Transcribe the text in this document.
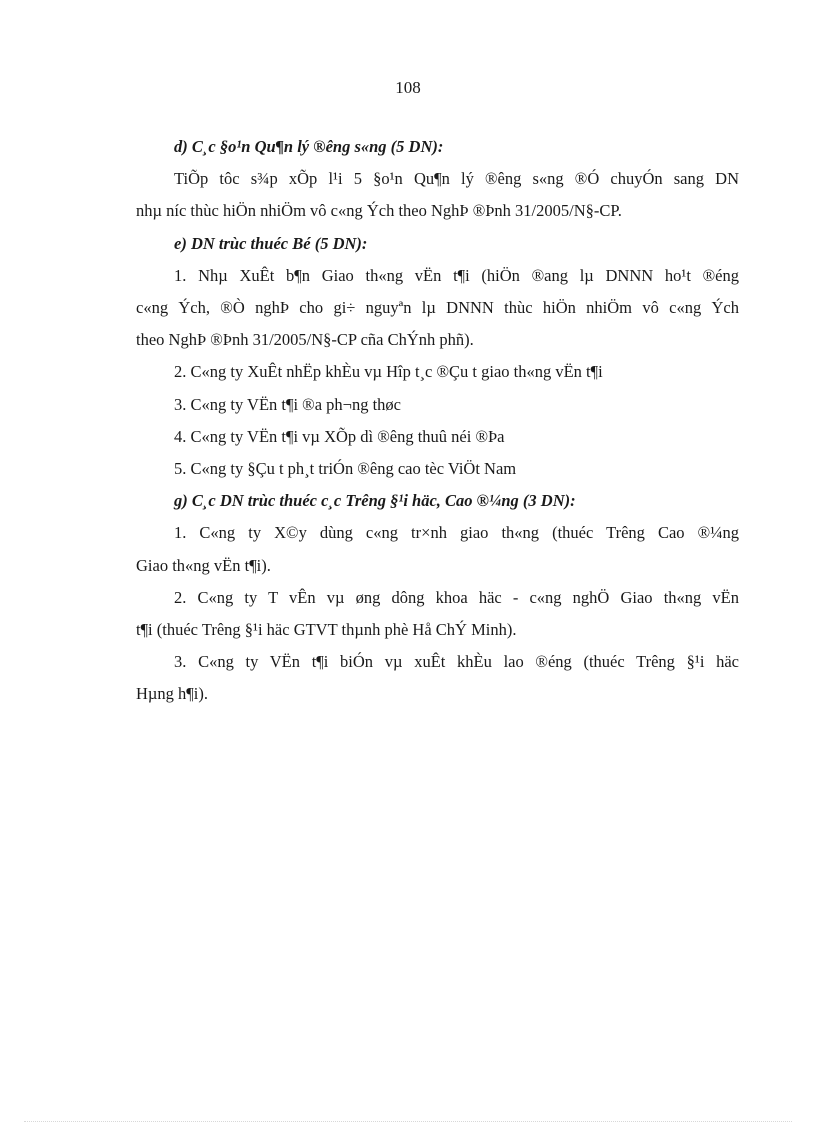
108
d) C¸c §o¹n Qu¶n lý ®êng s«ng (5 DN):
TiÕp tôc s¾p xÕp l¹i 5 §o¹n Qu¶n lý ®êng s«ng ®Ó chuyÓn sang DN
nhµ níc thùc hiÖn nhiÖm vô c«ng Ých theo NghÞ ®Þnh 31/2005/N§-CP.
e) DN trùc thuéc Bé (5 DN):
1. Nhµ XuÊt b¶n Giao th«ng vËn t¶i (hiÖn ®ang lµ DNNN ho¹t ®éng
c«ng Ých, ®Ò nghÞ cho gi÷ nguyªn lµ DNNN thùc hiÖn nhiÖm vô c«ng Ých
theo NghÞ ®Þnh 31/2005/N§-CP cña ChÝnh phñ).
2. C«ng ty XuÊt nhËp khÈu vµ Hîp t¸c ®Çu t giao th«ng vËn t¶i
3. C«ng ty VËn t¶i ®a ph¬ng thøc
4. C«ng ty VËn t¶i vµ XÕp dì ®êng thuû néi ®Þa
5. C«ng ty §Çu t ph¸t triÓn ®êng cao tèc ViÖt Nam
g) C¸c DN trùc thuéc c¸c Trêng §¹i häc, Cao ®¼ng (3 DN):
1. C«ng ty X©y dùng c«ng tr×nh giao th«ng (thuéc Trêng Cao ®¼ng
Giao th«ng vËn t¶i).
2. C«ng ty T vÊn vµ øng dông khoa häc - c«ng nghÖ Giao th«ng vËn
t¶i (thuéc Trêng §¹i häc GTVT thµnh phè Hå ChÝ Minh).
3. C«ng ty VËn t¶i biÓn vµ xuÊt khÈu lao ®éng (thuéc Trêng §¹i häc
Hµng h¶i).
